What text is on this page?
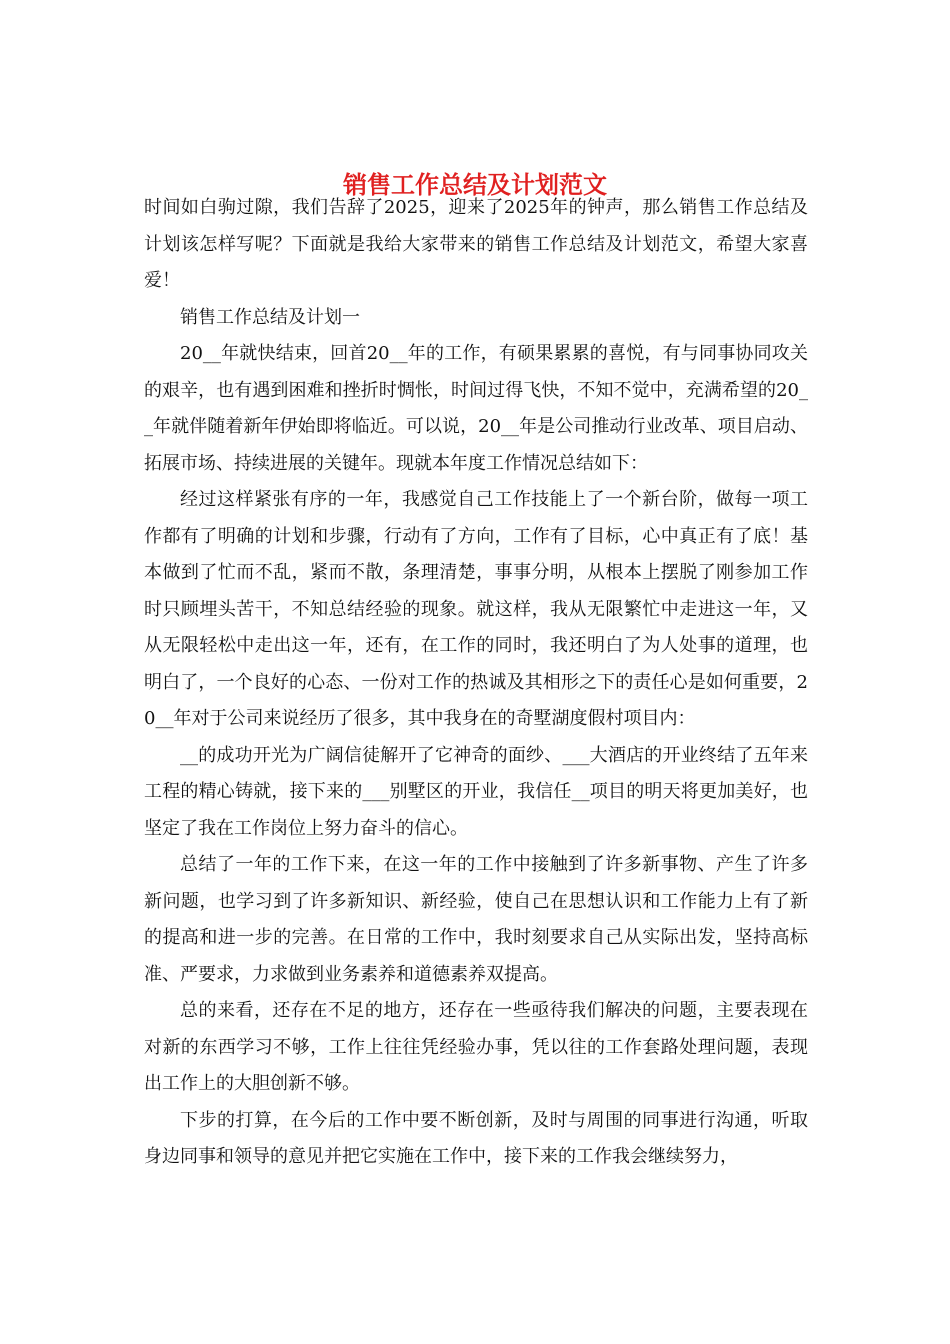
销售工作总结及计划范文

时间如白驹过隙，我们告辞了2025，迎来了2025年的钟声，那么销售工作总结及计划该怎样写呢？下面就是我给大家带来的销售工作总结及计划范文，希望大家喜爱！

销售工作总结及计划一

20__年就快结束，回首20__年的工作，有硕果累累的喜悦，有与同事协同攻关的艰辛，也有遇到困难和挫折时惆怅，时间过得飞快，不知不觉中，充满希望的20__年就伴随着新年伊始即将临近。可以说，20__年是公司推动行业改革、项目启动、拓展市场、持续进展的关键年。现就本年度工作情况总结如下：

经过这样紧张有序的一年，我感觉自己工作技能上了一个新台阶，做每一项工作都有了明确的计划和步骤，行动有了方向，工作有了目标，心中真正有了底！基本做到了忙而不乱，紧而不散，条理清楚，事事分明，从根本上摆脱了刚参加工作时只顾埋头苦干，不知总结经验的现象。就这样，我从无限繁忙中走进这一年，又从无限轻松中走出这一年，还有，在工作的同时，我还明白了为人处事的道理，也明白了，一个良好的心态、一份对工作的热诚及其相形之下的责任心是如何重要，20__年对于公司来说经历了很多，其中我身在的奇墅湖度假村项目内：

__的成功开光为广阔信徒解开了它神奇的面纱、___大酒店的开业终结了五年来工程的精心铸就，接下来的___别墅区的开业，我信任__项目的明天将更加美好，也坚定了我在工作岗位上努力奋斗的信心。

总结了一年的工作下来，在这一年的工作中接触到了许多新事物、产生了许多新问题，也学习到了许多新知识、新经验，使自己在思想认识和工作能力上有了新的提高和进一步的完善。在日常的工作中，我时刻要求自己从实际出发，坚持高标准、严要求，力求做到业务素养和道德素养双提高。

总的来看，还存在不足的地方，还存在一些亟待我们解决的问题，主要表现在对新的东西学习不够，工作上往往凭经验办事，凭以往的工作套路处理问题，表现出工作上的大胆创新不够。

下步的打算，在今后的工作中要不断创新，及时与周围的同事进行沟通，听取身边同事和领导的意见并把它实施在工作中，接下来的工作我会继续努力，
